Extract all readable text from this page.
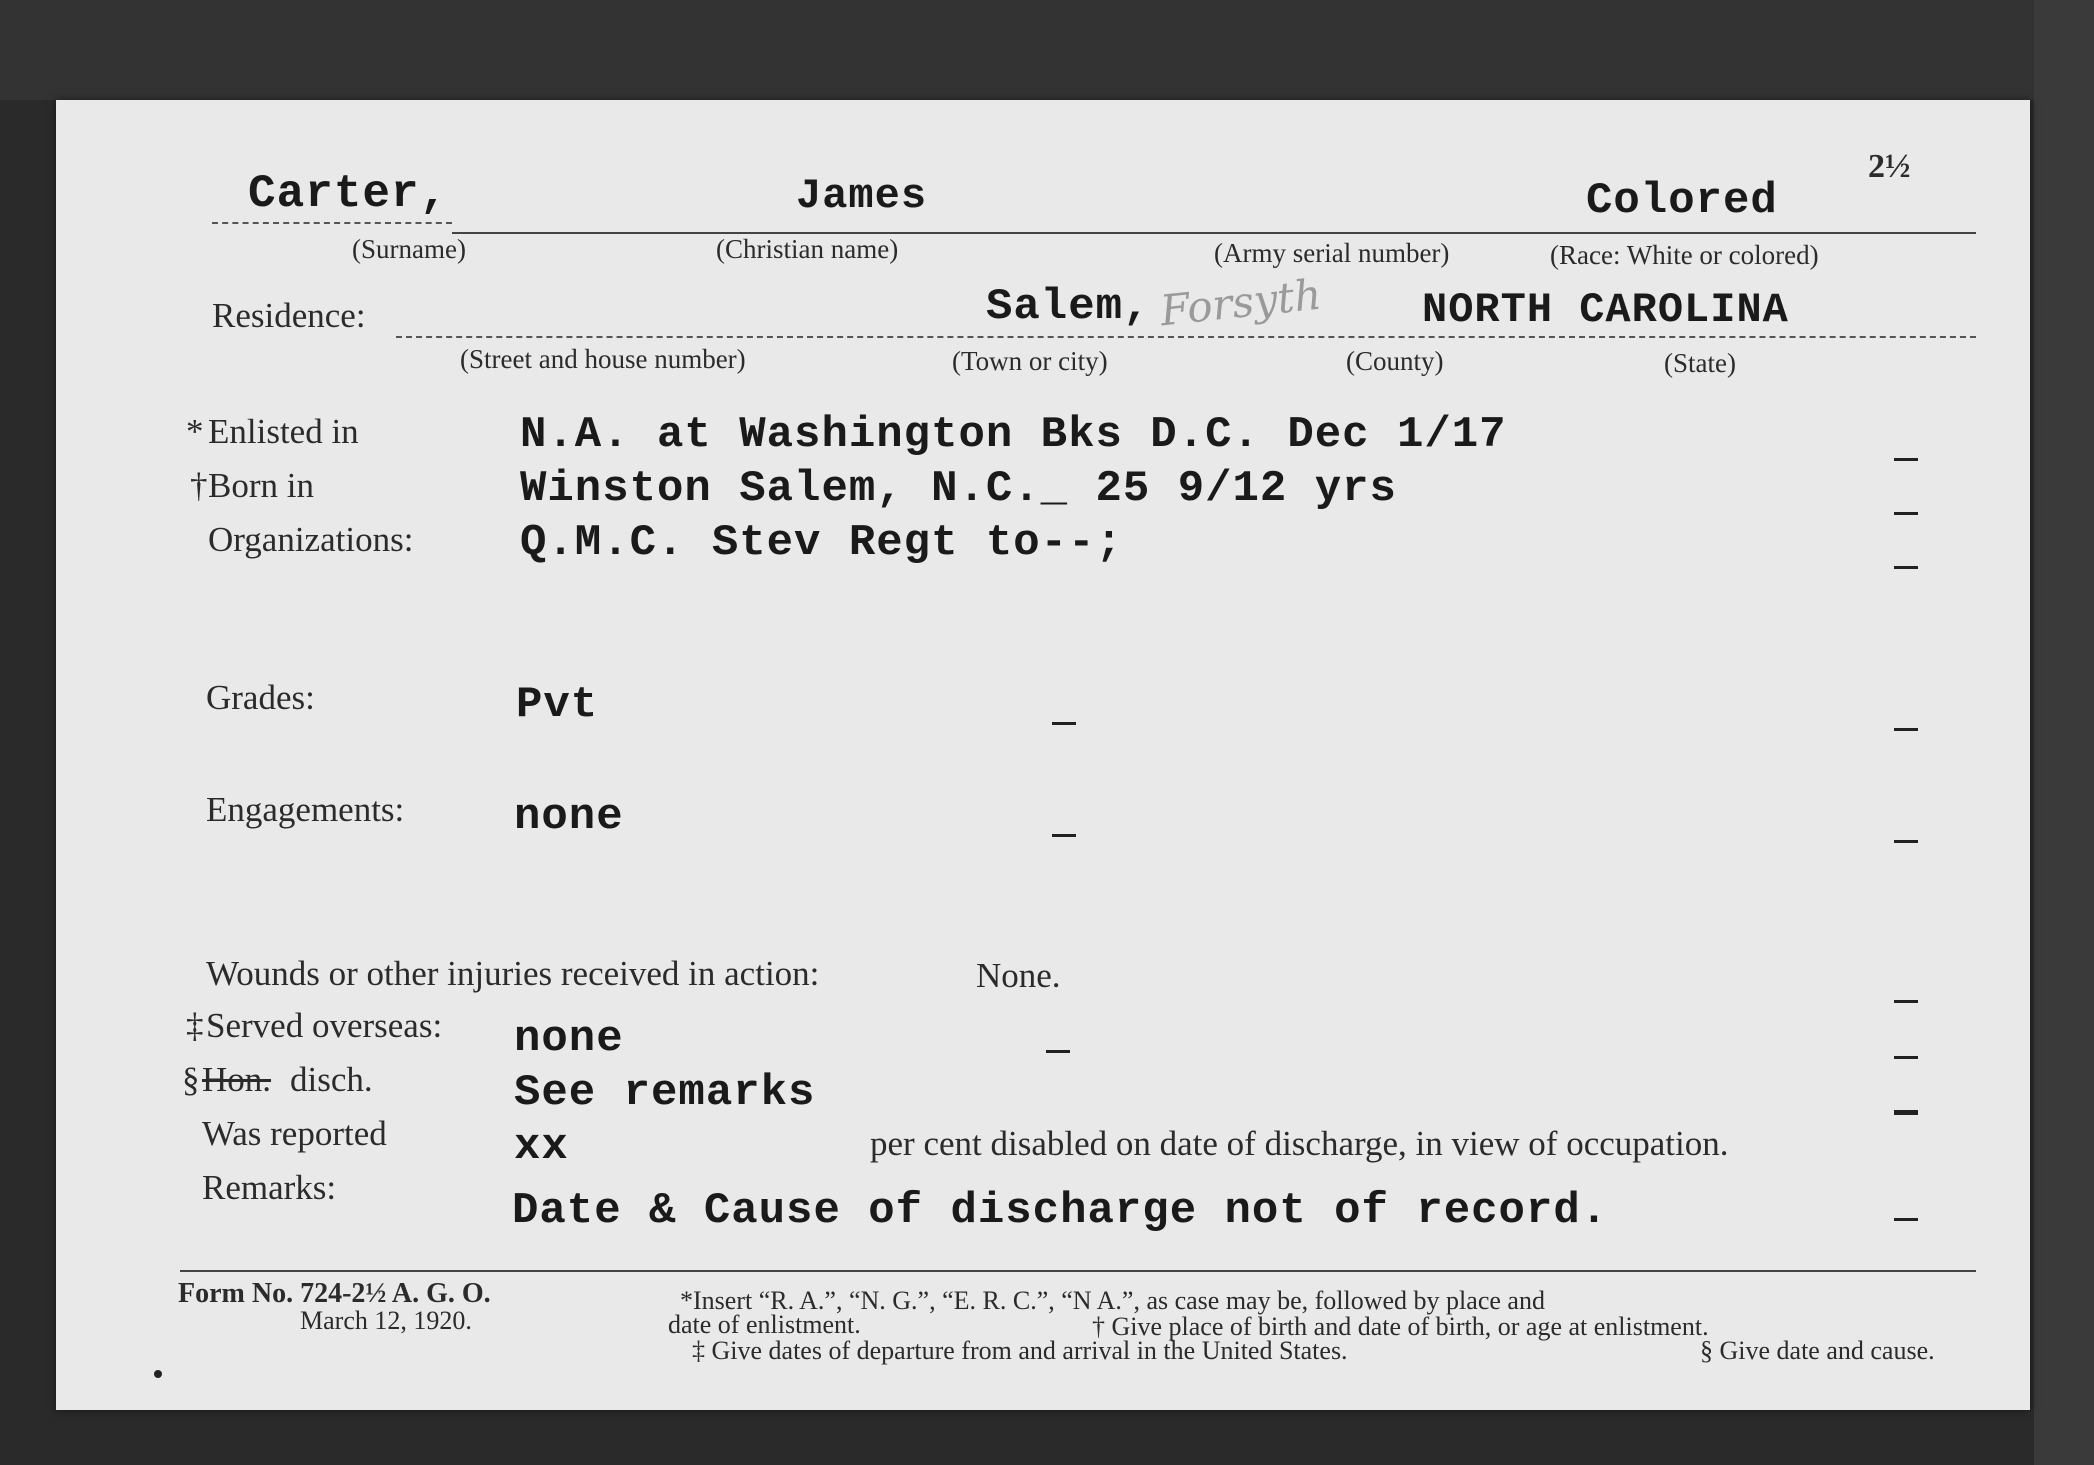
2½
Carter,	James	Colored
(Surname)	(Christian name)	(Army serial number)	(Race: White or colored)
Residence:	Salem, Forsyth NORTH CAROLINA
(Street and house number)	(Town or city)	(County)	(State)
* Enlisted in	N.A. at Washington Bks D.C. Dec 1/17
† Born in	Winston Salem, N.C._ 25 9/12 yrs
Organizations: Q.M.C. Stev Regt to--;
Grades:	Pvt
Engagements: none
Wounds or other injuries received in action:	None.
‡ Served overseas: none
§ Hon. disch.	See remarks
Was reported	xx	per cent disabled on date of discharge, in view of occupation.
Remarks:	Date & Cause of discharge not of record.
Form No. 724-2½ A. G. O.
March 12, 1920.
*Insert “R. A.”, “N. G.”, “E. R. C.”, “N A.”, as case may be, followed by place and
date of enlistment.	† Give place of birth and date of birth, or age at enlistment.
‡ Give dates of departure from and arrival in the United States.	§ Give date and cause.
